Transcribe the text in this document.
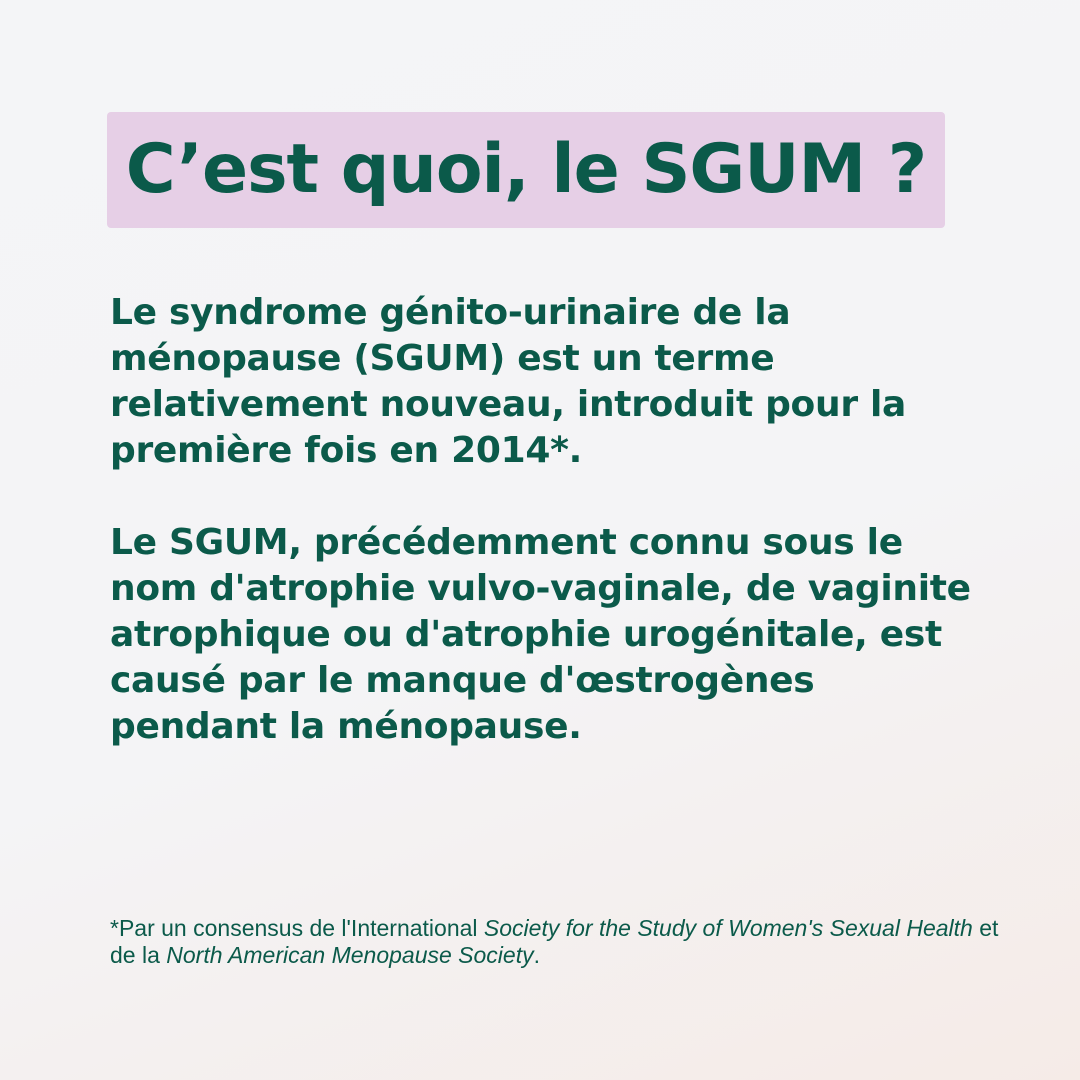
C’est quoi, le SGUM ?

Le syndrome génito-urinaire de la ménopause (SGUM) est un terme relativement nouveau, introduit pour la première fois en 2014*.

Le SGUM, précédemment connu sous le nom d'atrophie vulvo-vaginale, de vaginite atrophique ou d'atrophie urogénitale, est causé par le manque d'œstrogènes pendant la ménopause.

*Par un consensus de l'International Society for the Study of Women's Sexual Health et de la North American Menopause Society.
